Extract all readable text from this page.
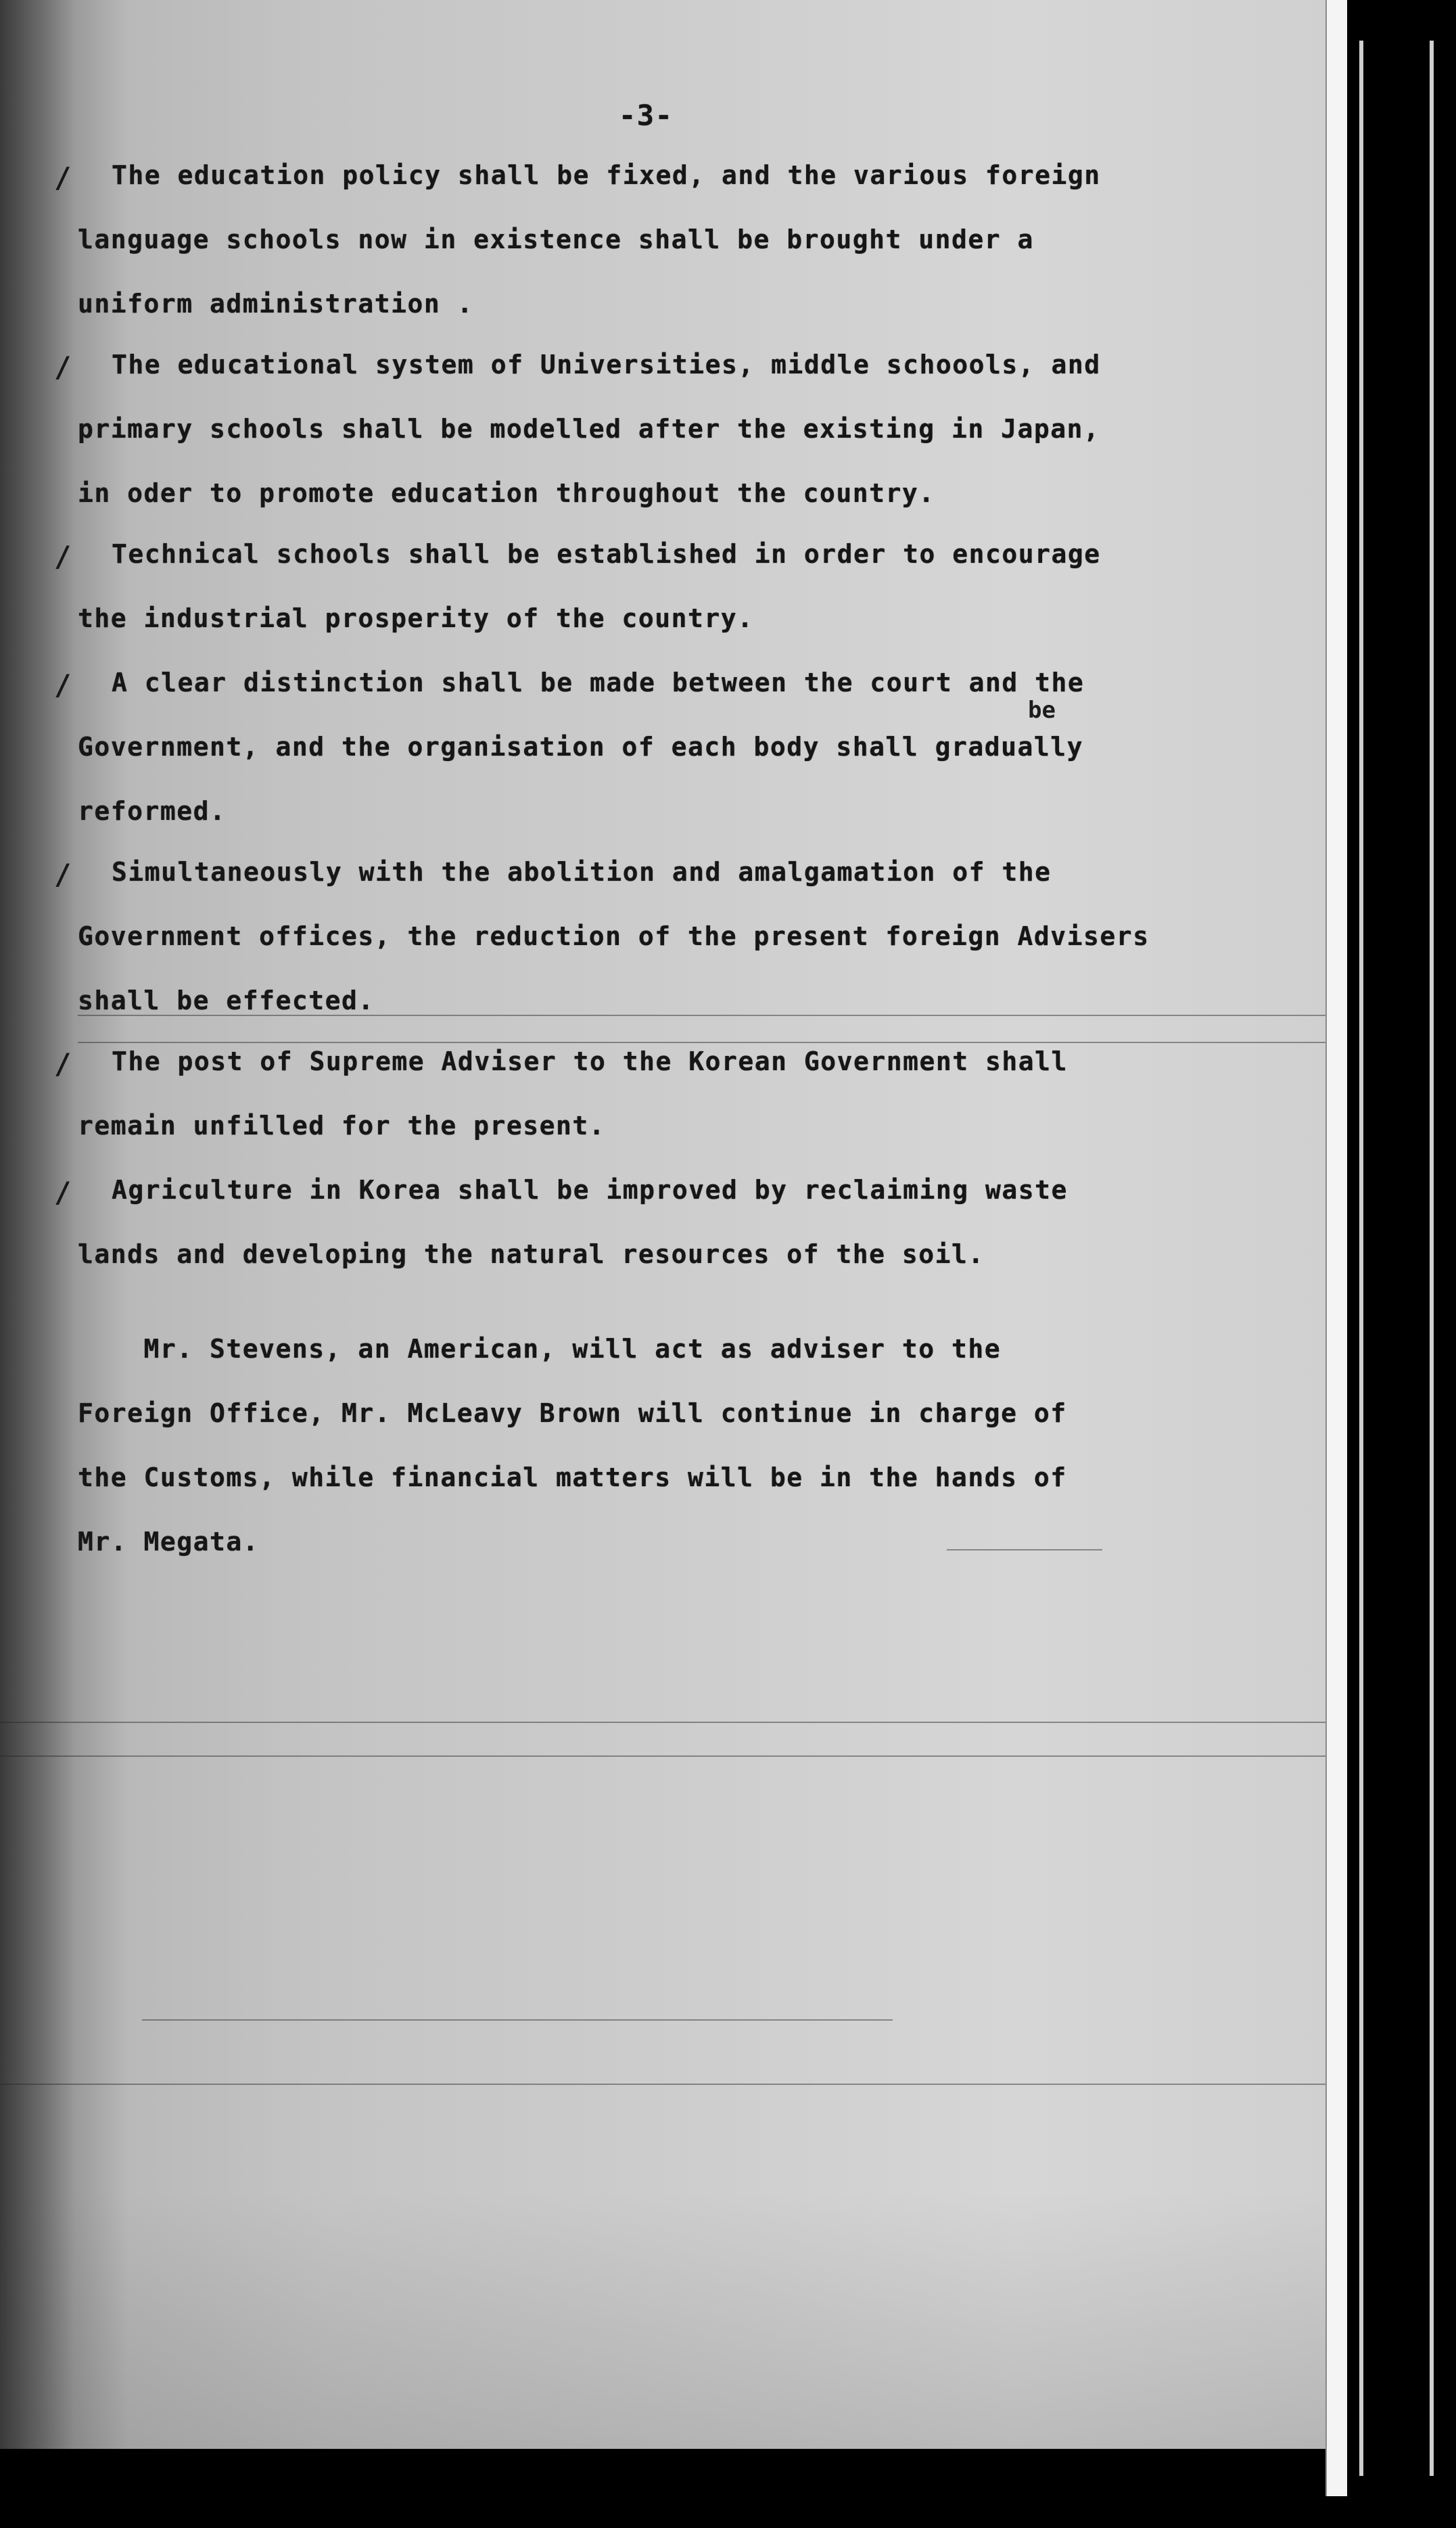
-3-
/ The education policy shall be fixed, and the various foreign
language schools now in existence shall be brought under a
uniform administration .
/ The educational system of Universities, middle schoools, and
primary schools shall be modelled after the existing in Japan,
in oder to promote education throughout the country.
/ Technical schools shall be established in order to encourage
the industrial prosperity of the country.
/ A clear distinction shall be made between the court and the
be
Government, and the organisation of each body shall gradually
reformed.
/ Simultaneously with the abolition and amalgamation of the
Government offices, the reduction of the present foreign Advisers
shall be effected.
/ The post of Supreme Adviser to the Korean Government shall
remain unfilled for the present.
/ Agriculture in Korea shall be improved by reclaiming waste
lands and developing the natural resources of the soil.
Mr. Stevens, an American, will act as adviser to the
Foreign Office, Mr. McLeavy Brown will continue in charge of
the Customs, while financial matters will be in the hands of
Mr. Megata.
